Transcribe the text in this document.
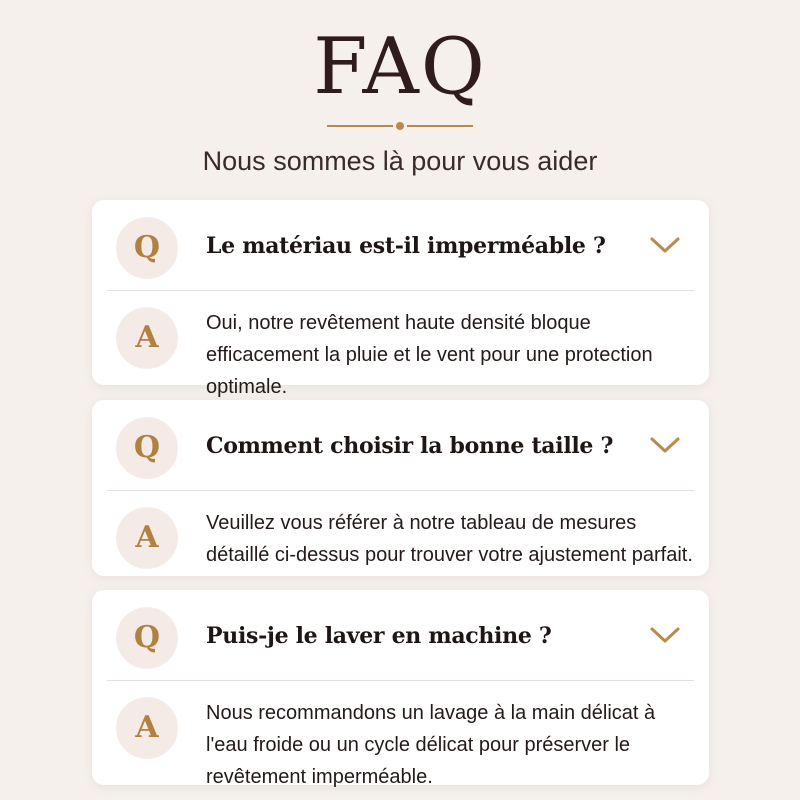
FAQ
Nous sommes là pour vous aider
Q	Le matériau est-il imperméable ?
A	Oui, notre revêtement haute densité bloque efficacement la pluie et le vent pour une protection optimale.
Q	Comment choisir la bonne taille ?
A	Veuillez vous référer à notre tableau de mesures détaillé ci-dessus pour trouver votre ajustement parfait.
Q	Puis-je le laver en machine ?
A	Nous recommandons un lavage à la main délicat à l'eau froide ou un cycle délicat pour préserver le revêtement imperméable.
